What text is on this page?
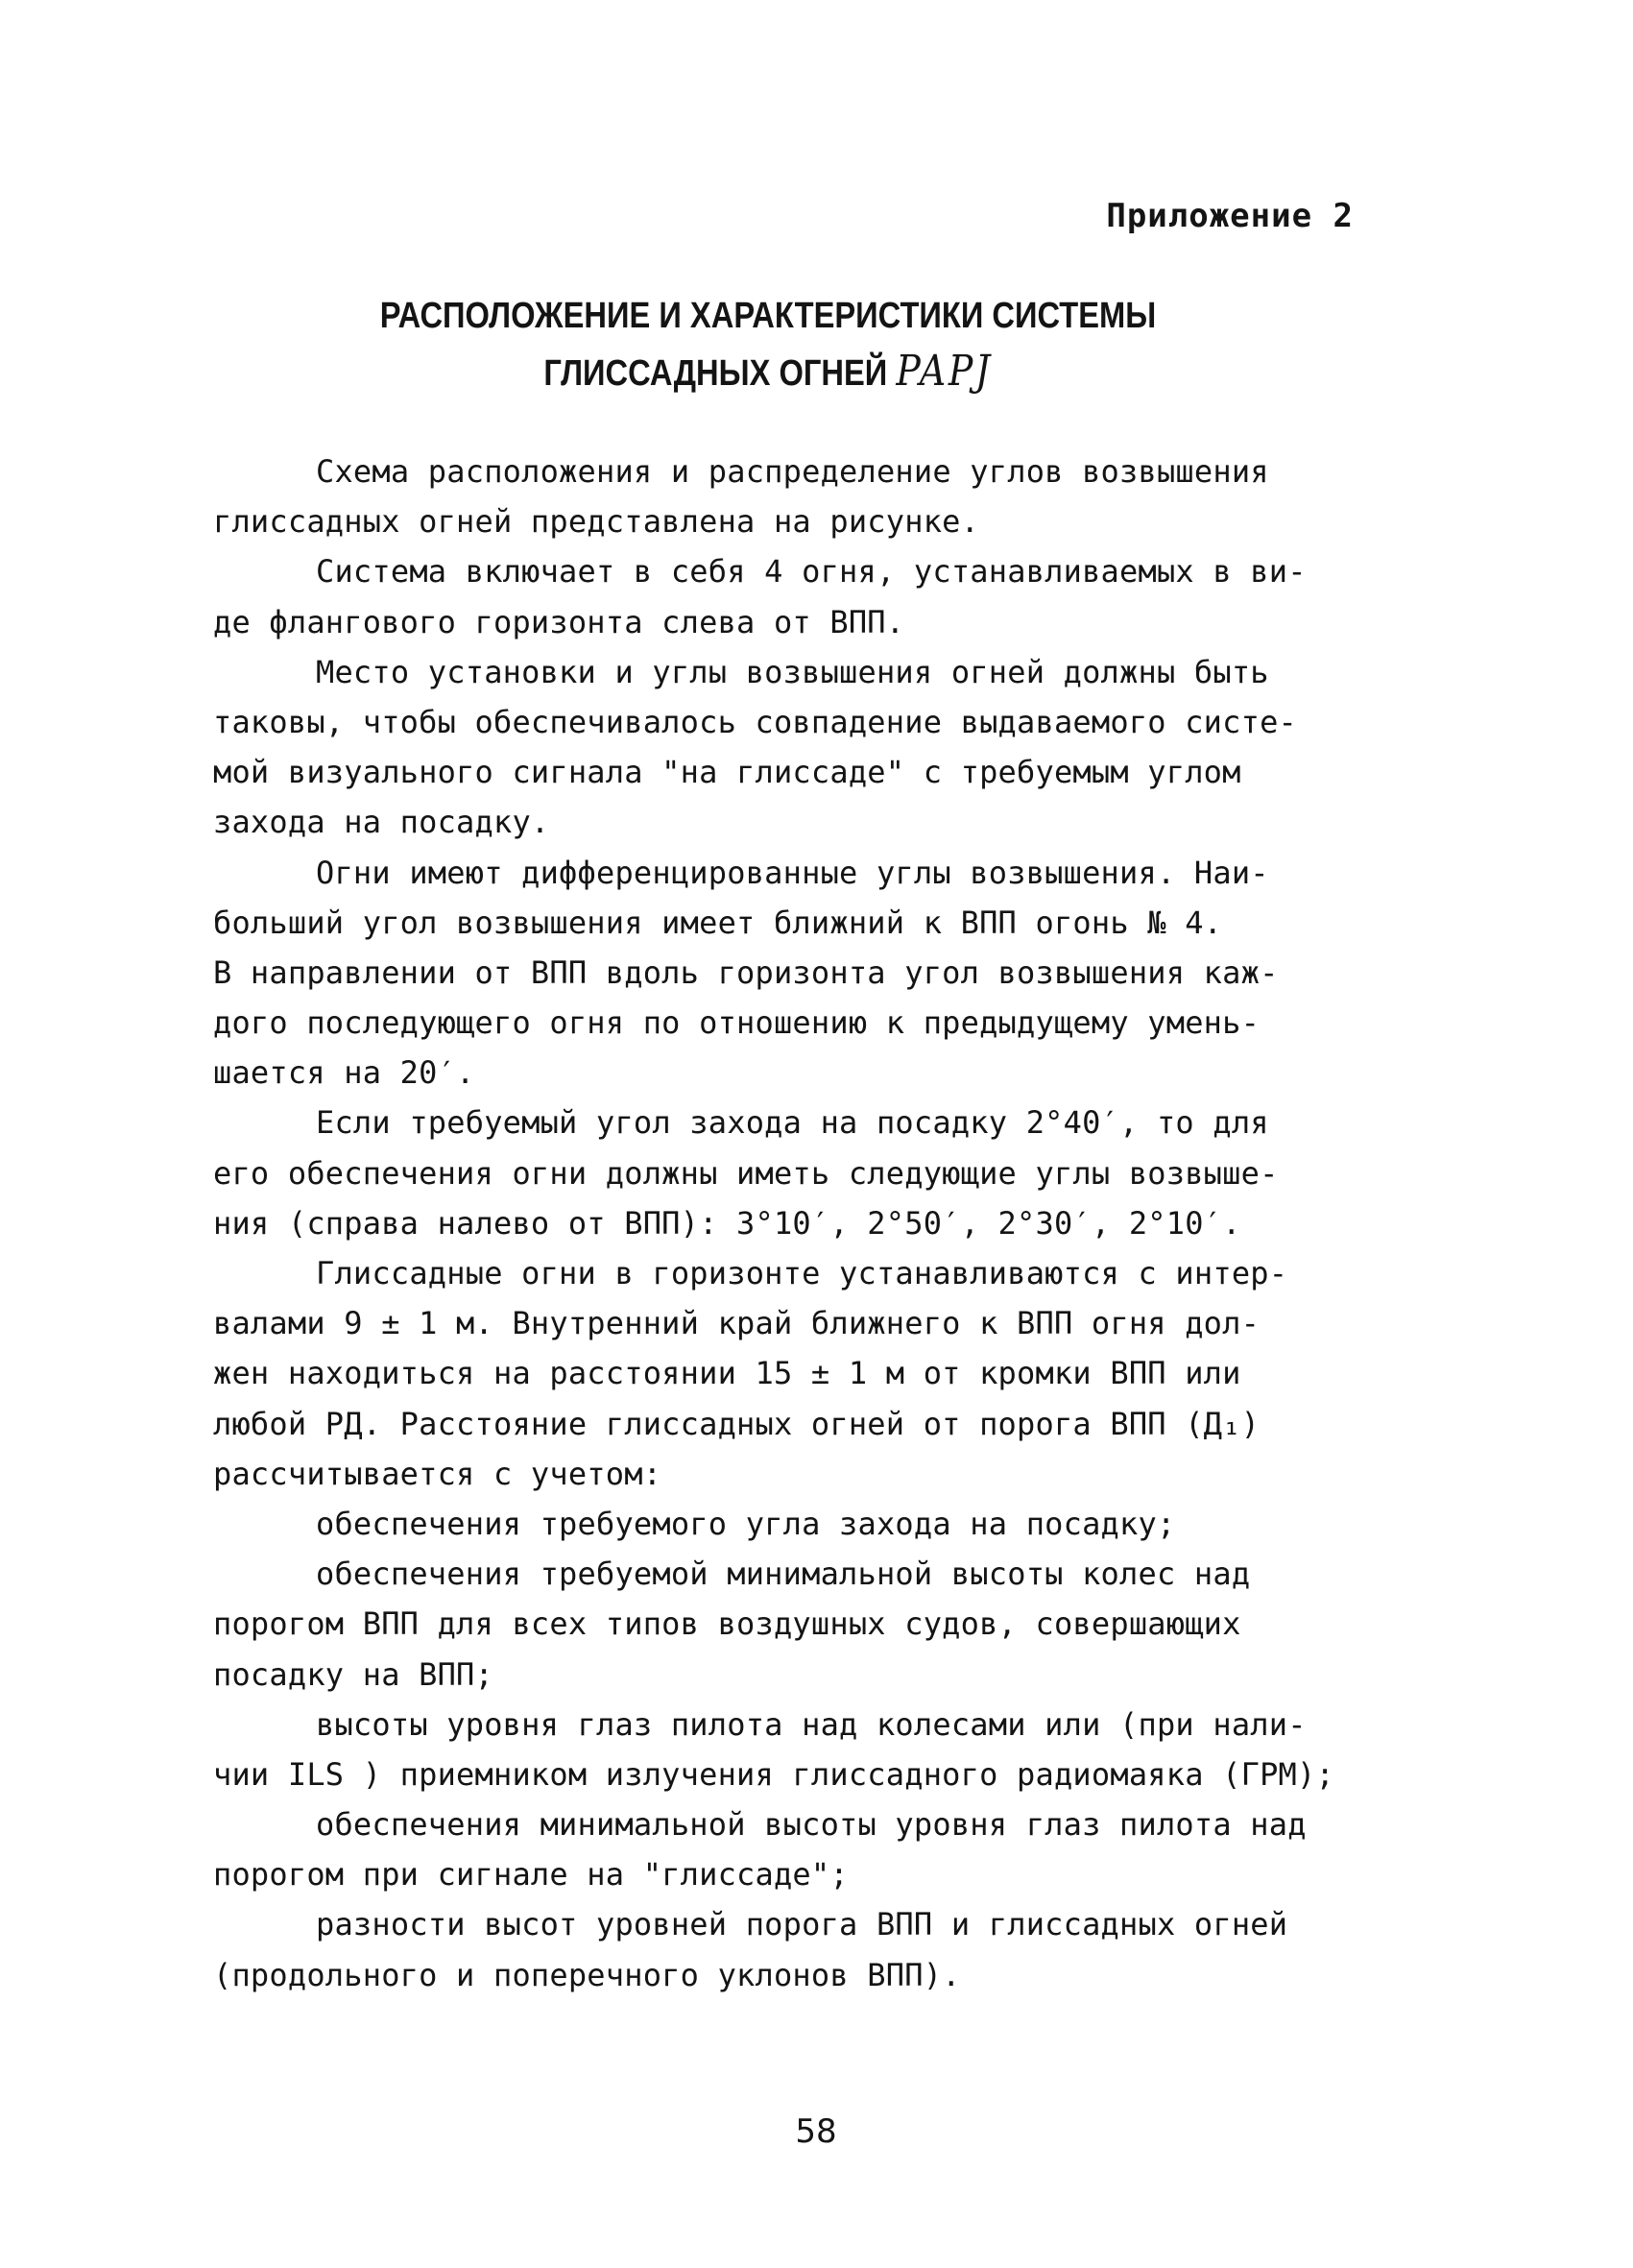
Приложение 2
РАСПОЛОЖЕНИЕ И ХАРАКТЕРИСТИКИ СИСТЕМЫ
ГЛИССАДНЫХ ОГНЕЙ PAPJ
Схема расположения и распределение углов возвышения
глиссадных огней представлена на рисунке.
Система включает в себя 4 огня, устанавливаемых в ви-
де флангового горизонта слева от ВПП.
Место установки и углы возвышения огней должны быть
таковы, чтобы обеспечивалось совпадение выдаваемого систе-
мой визуального сигнала "на глиссаде" с требуемым углом
захода на посадку.
Огни имеют дифференцированные углы возвышения. Наи-
больший угол возвышения имеет ближний к ВПП огонь № 4.
В направлении от ВПП вдоль горизонта угол возвышения каж-
дого последующего огня по отношению к предыдущему умень-
шается на 20′.
Если требуемый угол захода на посадку 2°40′, то для
его обеспечения огни должны иметь следующие углы возвыше-
ния (справа налево от ВПП): 3°10′, 2°50′, 2°30′, 2°10′.
Глиссадные огни в горизонте устанавливаются с интер-
валами 9 ± 1 м. Внутренний край ближнего к ВПП огня дол-
жен находиться на расстоянии 15 ± 1 м от кромки ВПП или
любой РД. Расстояние глиссадных огней от порога ВПП (Д₁)
рассчитывается с учетом:
обеспечения требуемого угла захода на посадку;
обеспечения требуемой минимальной высоты колес над
порогом ВПП для всех типов воздушных судов, совершающих
посадку на ВПП;
высоты уровня глаз пилота над колесами или (при нали-
чии ILS ) приемником излучения глиссадного радиомаяка (ГРМ);
обеспечения минимальной высоты уровня глаз пилота над
порогом при сигнале на "глиссаде";
разности высот уровней порога ВПП и глиссадных огней
(продольного и поперечного уклонов ВПП).
58
